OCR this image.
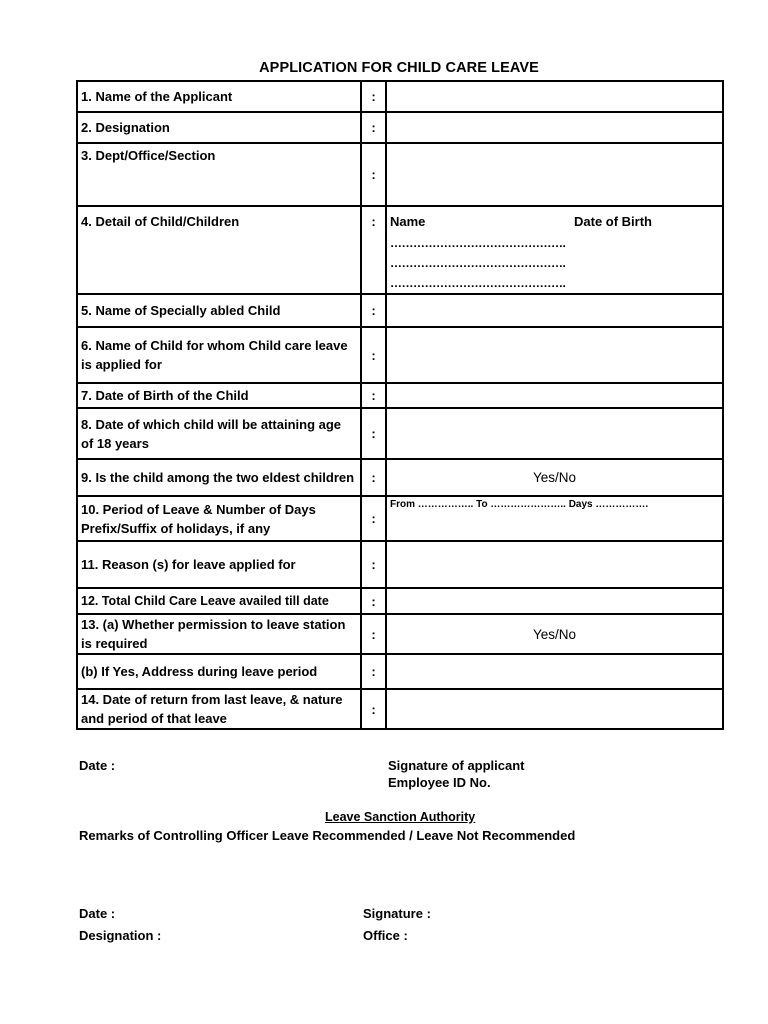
APPLICATION FOR CHILD CARE LEAVE
1. Name of the Applicant	:	
2. Designation	:	
3. Dept/Office/Section	:	
4. Detail of Child/Children	:	Name Date of Birth
……………………………………….
……………………………………….
……………………………………….

5. Name of Specially abled Child	:	
6. Name of Child for whom Child care leave is applied for	:	
7. Date of Birth of the Child	:	
8. Date of which child will be attaining age of 18 years	:	
9. Is the child among the two eldest children	:	Yes/No
10. Period of Leave & Number of Days Prefix/Suffix of holidays, if any	:	From …………….. To ………………….. Days …………….
11. Reason (s) for leave applied for	:	
12. Total Child Care Leave availed till date	:	
13. (a) Whether permission to leave station is required	:	Yes/No
(b) If Yes, Address during leave period	:	
14. Date of return from last leave, & nature and period of that leave	:	
Date :	Signature of applicant
Employee ID No.
Leave Sanction Authority
Remarks of Controlling Officer Leave Recommended / Leave Not Recommended
Date :	Signature :
Designation :	Office :
